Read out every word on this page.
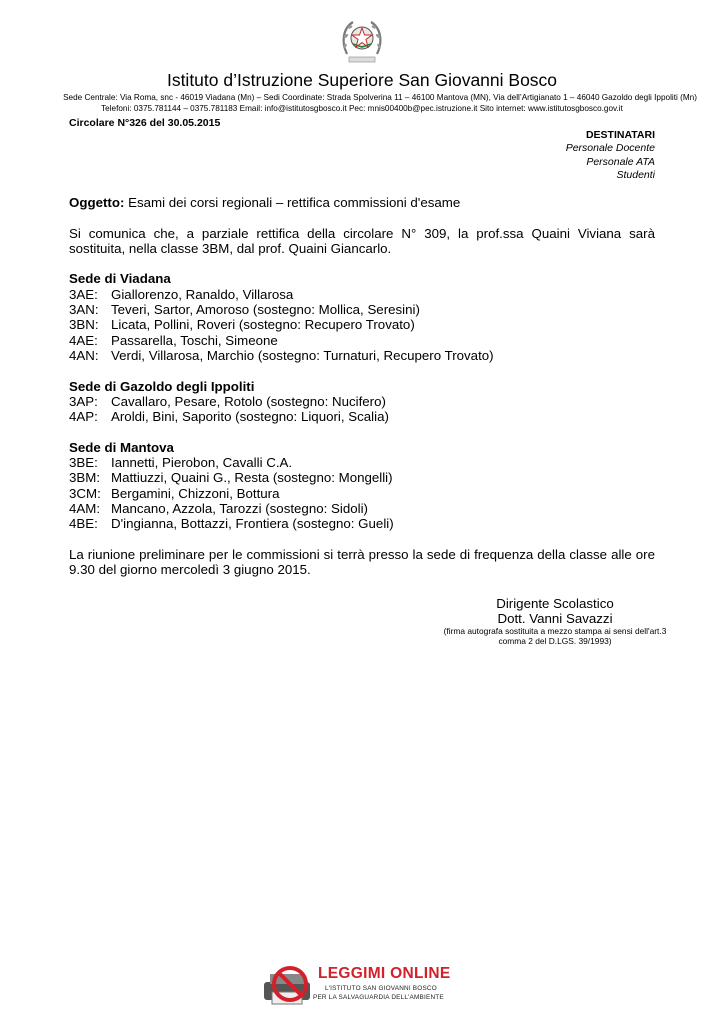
Istituto d’Istruzione Superiore San Giovanni Bosco
Sede Centrale: Via Roma, snc - 46019 Viadana (Mn) – Sedi Coordinate: Strada Spolverina 11 – 46100 Mantova (MN), Via dell’Artigianato 1 – 46040 Gazoldo degli Ippoliti (Mn)
Telefoni: 0375.781144 – 0375.781183 Email: info@istitutosgbosco.it Pec: mnis00400b@pec.istruzione.it Sito internet: www.istitutosgbosco.gov.it
Circolare N°326 del 30.05.2015
DESTINATARI
Personale Docente
Personale ATA
Studenti

Oggetto: Esami dei corsi regionali – rettifica commissioni d'esame

Si comunica che, a parziale rettifica della circolare N° 309, la prof.ssa Quaini Viviana sarà sostituita, nella classe 3BM, dal prof. Quaini Giancarlo.

Sede di Viadana

3AE: Giallorenzo, Ranaldo, Villarosa
3AN: Teveri, Sartor, Amoroso (sostegno: Mollica, Seresini)
3BN: Licata, Pollini, Roveri (sostegno: Recupero Trovato)
4AE: Passarella, Toschi, Simeone
4AN: Verdi, Villarosa, Marchio (sostegno: Turnaturi, Recupero Trovato)

Sede di Gazoldo degli Ippoliti

3AP: Cavallaro, Pesare, Rotolo (sostegno: Nucifero)
4AP: Aroldi, Bini, Saporito (sostegno: Liquori, Scalia)

Sede di Mantova

3BE: Iannetti, Pierobon, Cavalli C.A.
3BM: Mattiuzzi, Quaini G., Resta (sostegno: Mongelli)
3CM: Bergamini, Chizzoni, Bottura
4AM: Mancano, Azzola, Tarozzi (sostegno: Sidoli)
4BE: D'ingianna, Bottazzi, Frontiera (sostegno: Gueli)

La riunione preliminare per le commissioni si terrà presso la sede di frequenza della classe alle ore 9.30 del giorno mercoledì 3 giugno 2015.

Dirigente Scolastico
Dott. Vanni Savazzi
(firma autografa sostituita a mezzo stampa ai sensi dell'art.3 comma 2 del D.LGS. 39/1993)
LEGGIMI ONLINE
L'ISTITUTO SAN GIOVANNI BOSCO
PER LA SALVAGUARDIA DELL'AMBIENTE
